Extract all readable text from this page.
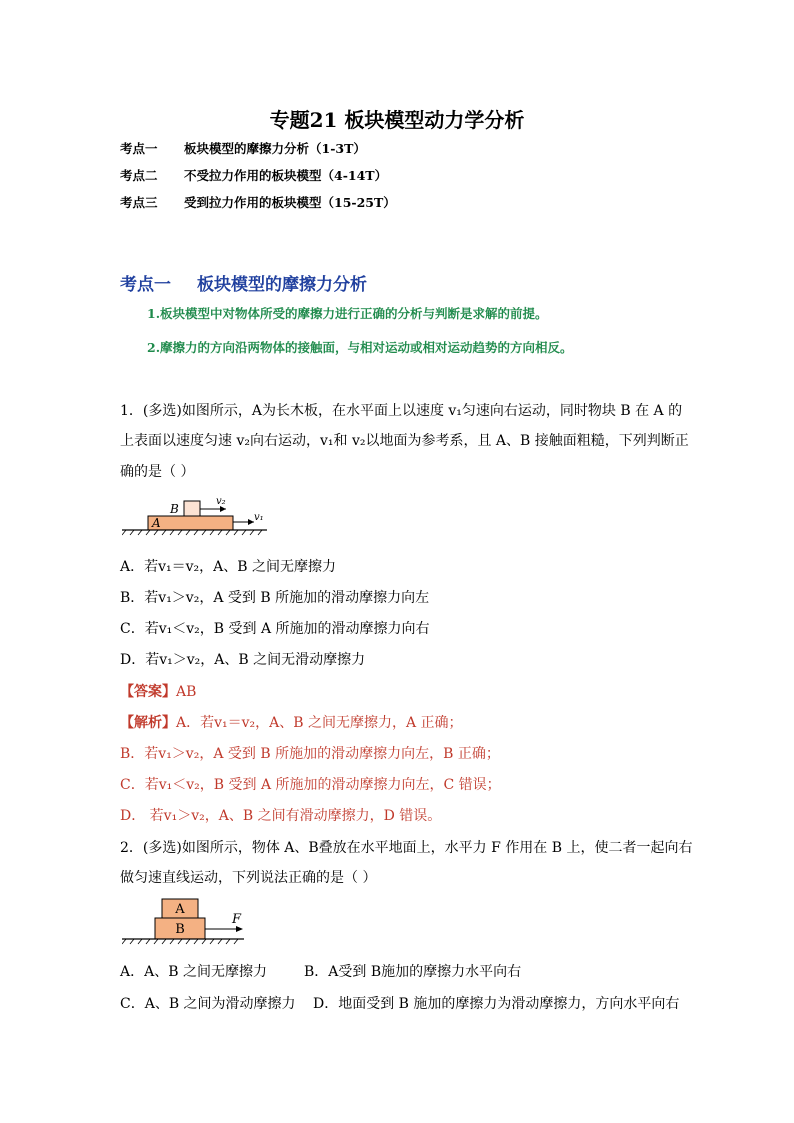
专题21 板块模型动力学分析
考点一 板块模型的摩擦力分析（1-3T）
考点二 不受拉力作用的板块模型（4-14T）
考点三 受到拉力作用的板块模型（15-25T）
考点一 板块模型的摩擦力分析
1.板块模型中对物体所受的摩擦力进行正确的分析与判断是求解的前提。
2.摩擦力的方向沿两物体的接触面，与相对运动或相对运动趋势的方向相反。
1．(多选)如图所示，A为长木板，在水平面上以速度 v₁匀速向右运动，同时物块 B 在 A 的
上表面以速度匀速 v₂向右运动，v₁和 v₂以地面为参考系，且 A、B 接触面粗糙，下列判断正
确的是（ ）
B
A
v₂
v₁
A．若v₁＝v₂，A、B 之间无摩擦力
B．若v₁＞v₂，A 受到 B 所施加的滑动摩擦力向左
C．若v₁＜v₂，B 受到 A 所施加的滑动摩擦力向右
D．若v₁＞v₂，A、B 之间无滑动摩擦力
【答案】AB
【解析】A．若v₁＝v₂，A、B 之间无摩擦力，A 正确；
B．若v₁＞v₂，A 受到 B 所施加的滑动摩擦力向左，B 正确；
C．若v₁＜v₂，B 受到 A 所施加的滑动摩擦力向左，C 错误；
D． 若v₁＞v₂，A、B 之间有滑动摩擦力，D 错误。
2．(多选)如图所示，物体 A、B叠放在水平地面上，水平力 F 作用在 B 上，使二者一起向右
做匀速直线运动，下列说法正确的是（ ）
A
B
F
A．A、B 之间无摩擦力	B．A受到 B施加的摩擦力水平向右
C．A、B 之间为滑动摩擦力 D．地面受到 B 施加的摩擦力为滑动摩擦力，方向水平向右
